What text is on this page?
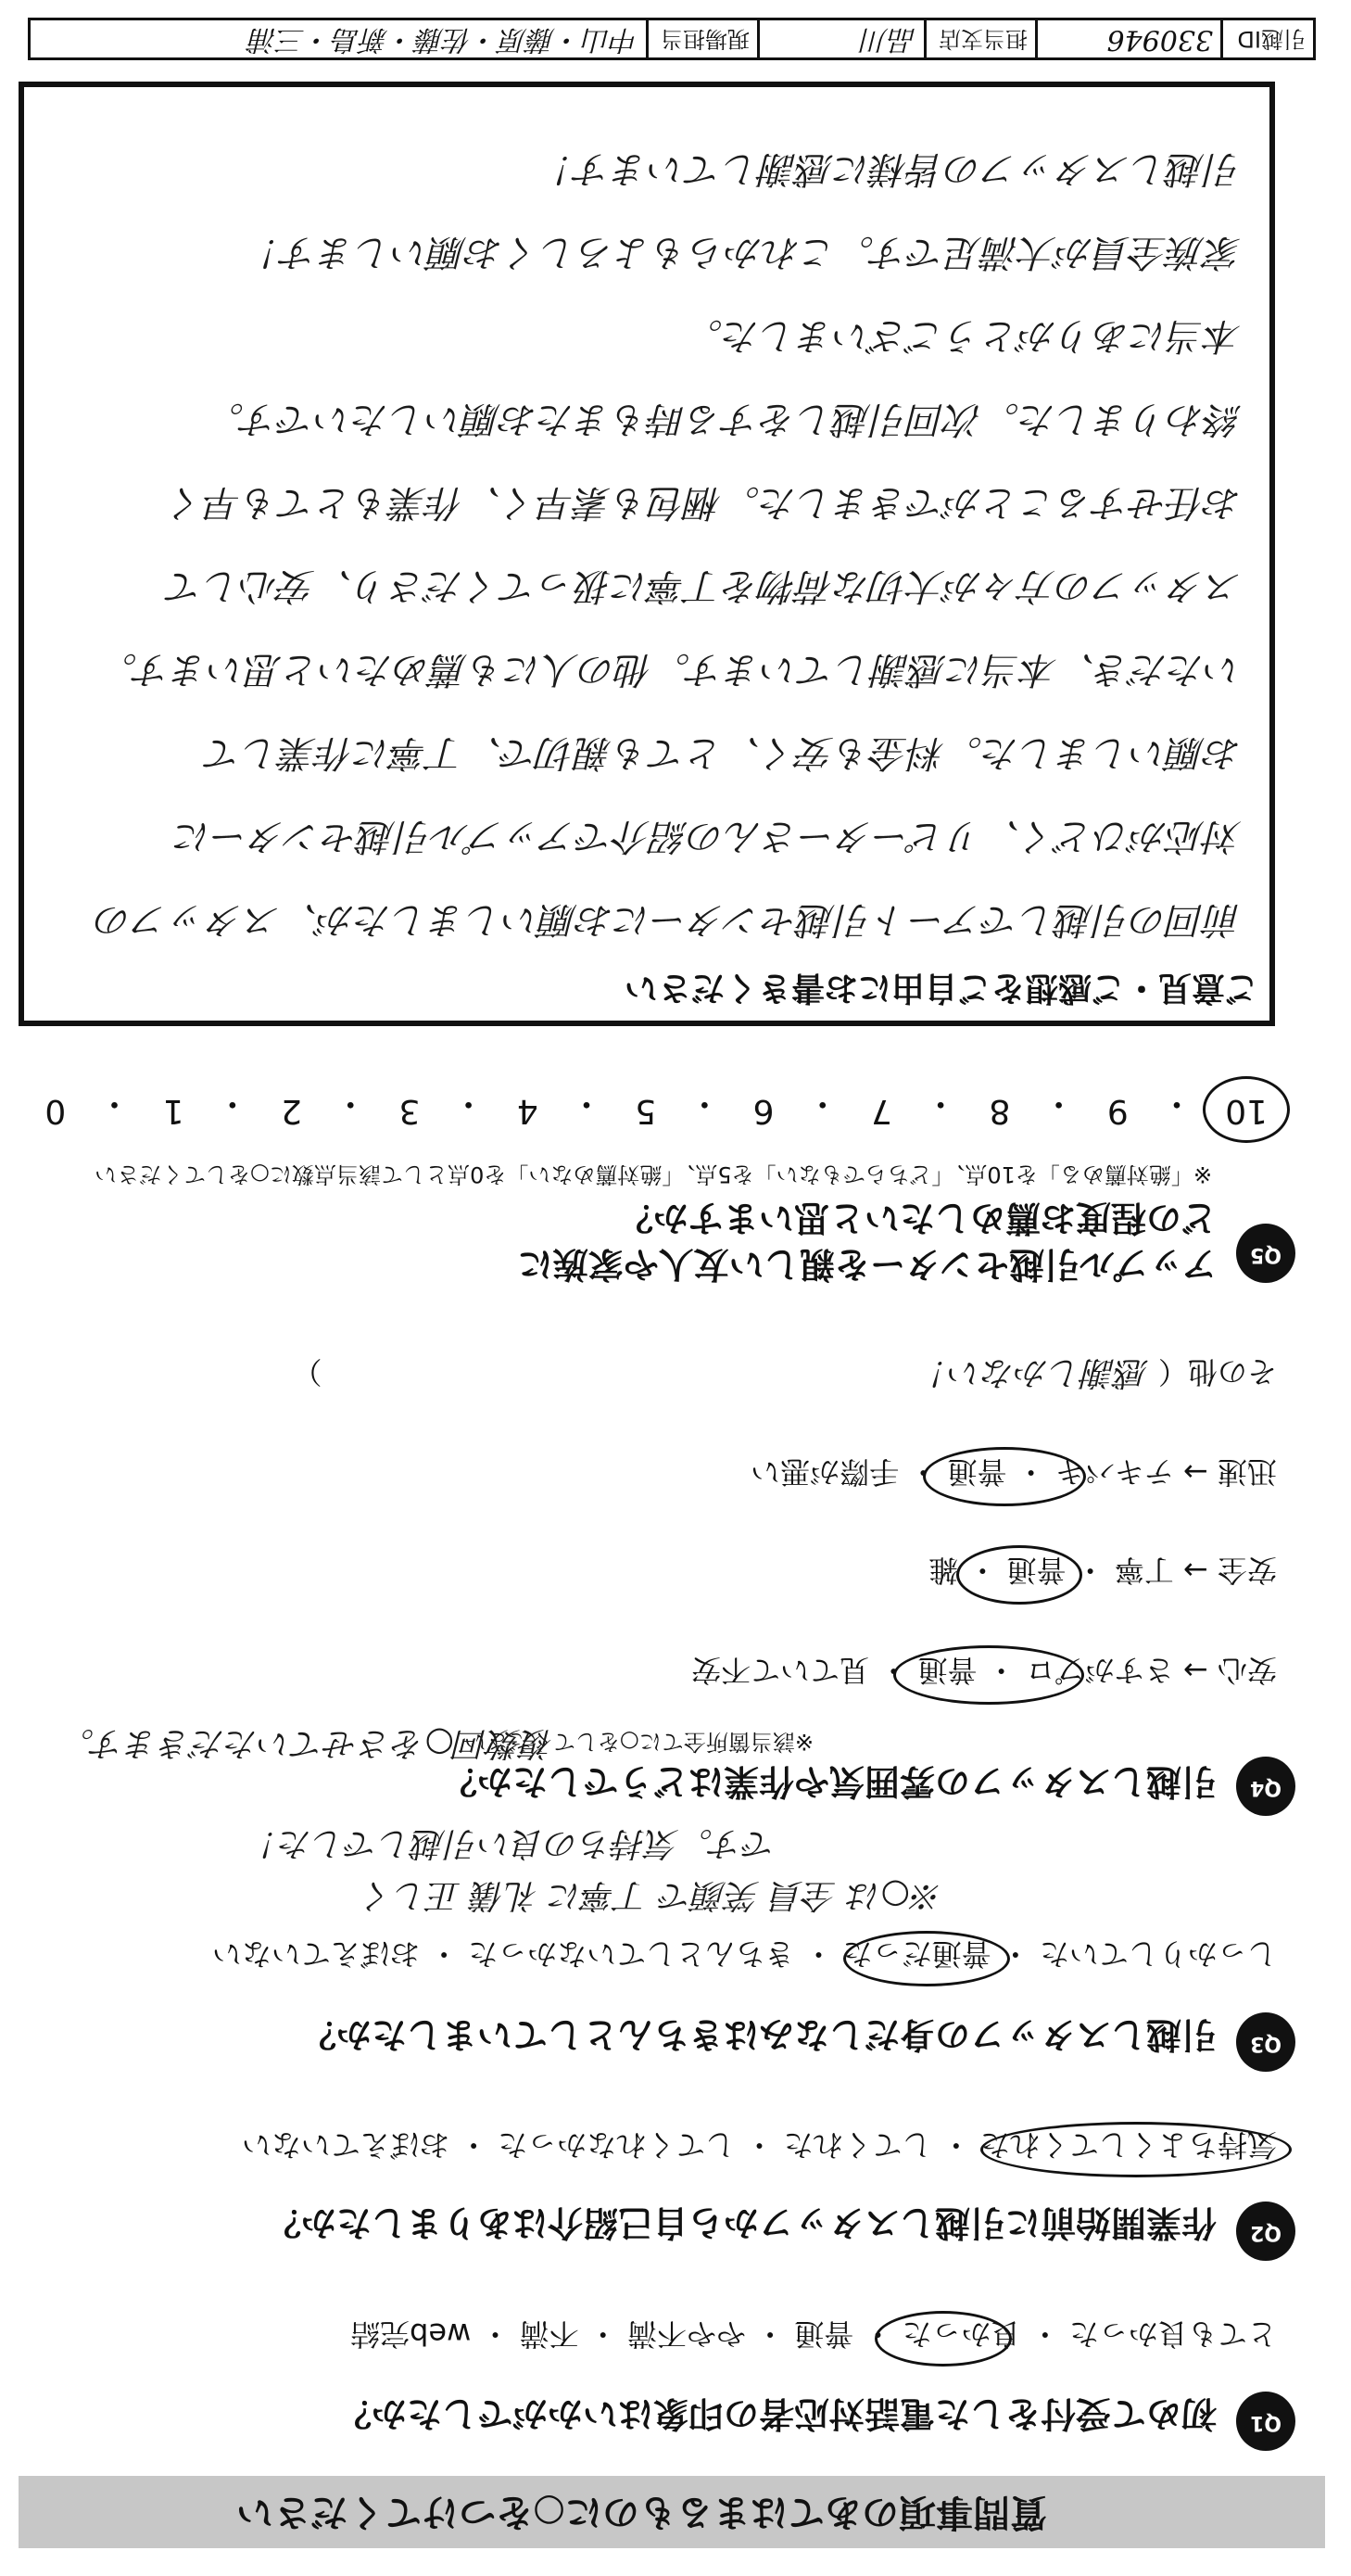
質問事項のあてはまるものに○をつけてください
Q1
初めて受付をした電話対応者の印象はいかがでしたか？
とても良かった ・ 良かった ・ 普通 ・ やや不満 ・ 不満 ・ web完結
Q2
作業開始前に引越しスタッフから自己紹介はありましたか？
気持ちよくしてくれた ・ してくれた ・ してくれなかった ・ おぼえていない
Q3
引越しスタッフの身だしなみはきちんとしていましたか？
しっかりしていた ・ 普通だった ・ きちんとしていなかった ・ おぼえていない
※○は 全員 笑顔で 丁寧に 礼儀 正しく
です。気持ちの良い引越しでした！
Q4
引越しスタッフの雰囲気や作業はどうでしたか？
※該当箇所全てに○をしてください
複数回○をさせていただきます。
安心 → さすがプロ ・ 普通 ・ 見ていて不安
安全 → 丁寧 ・ 普通 ・ 雑
迅速 → テキパキ ・ 普通 ・ 手際が悪い
その他（ 感謝しかない！  ）
Q5
アップル引越センターを親しい友人や家族に
どの程度お薦めしたいと思いますか？
※「絶対薦める」を10点、「どちらでもない」を5点、「絶対薦めない」を0点として該当点数に○をしてください
10
・
9
・
8
・
7
・
6
・
5
・
4
・
3
・
2
・
1
・
0
ご意見・ご感想をご自由にお書きください
前回の引越しでアート引越センターにお願いしましたが、スタッフの
対応がひどく、リピーターさんの紹介でアップル引越センターに
お願いしました。料金も安く、とても親切で、丁寧に作業して
いただき、本当に感謝しています。他の人にも薦めたいと思います。
スタッフの方々が大切な荷物を丁寧に扱ってくださり、安心して
お任せすることができました。梱包も素早く、作業もとても早く
終わりました。次回引越しをする時もまたお願いしたいです。
本当にありがとうございました。
家族全員が大満足です。これからもよろしくお願いします！
引越しスタッフの皆様に感謝しています！
引越ID
330946
担当支店
品川
現場担当
中山・藤原・佐藤・新島・三浦
